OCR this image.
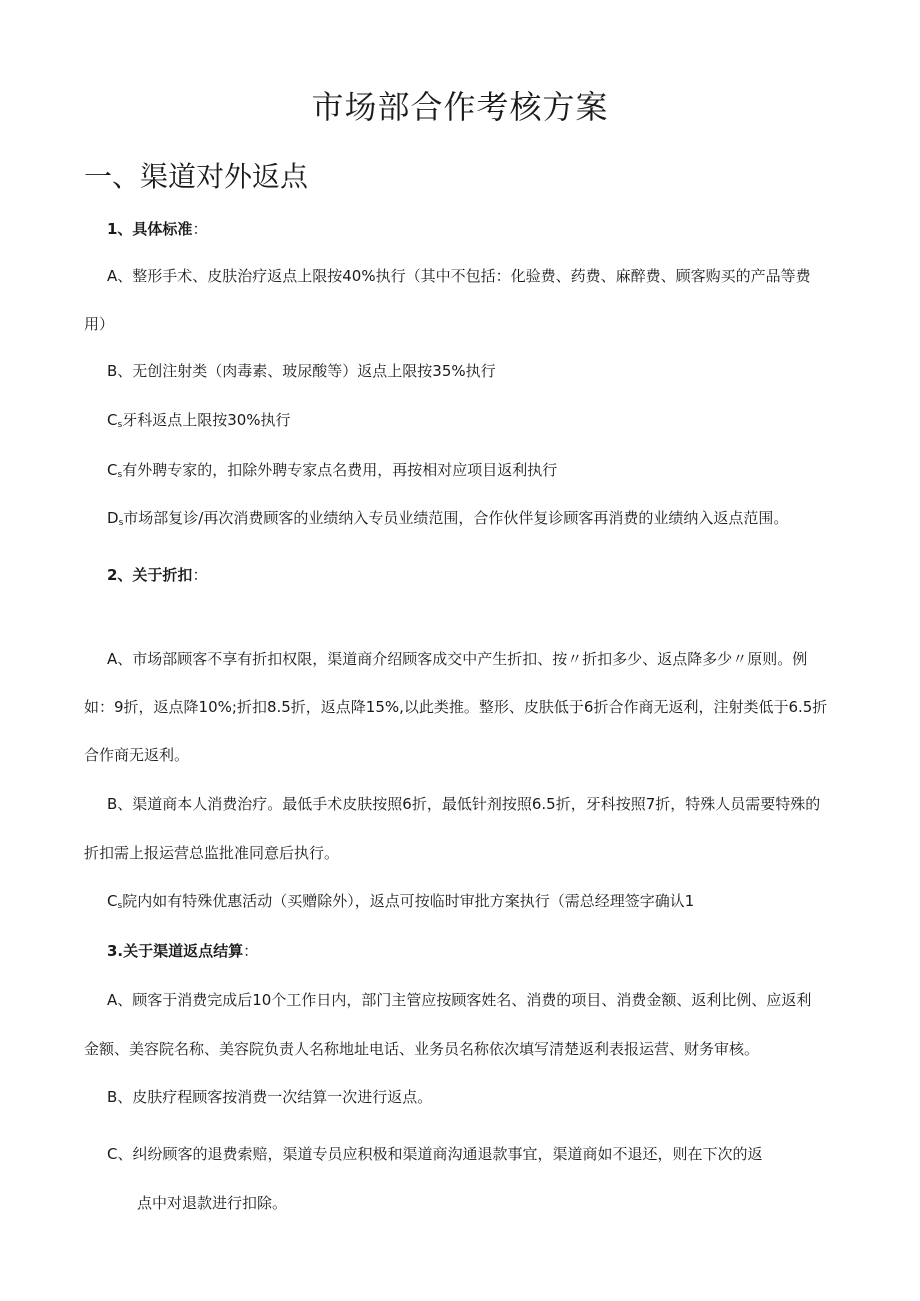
市场部合作考核方案
一、渠道对外返点

1、具体标准：

A、整形手术、皮肤治疗返点上限按40%执行（其中不包括：化验费、药费、麻醉费、顾客购买的产品等费

用）

B、无创注射类（肉毒素、玻尿酸等）返点上限按35%执行

$C_s$牙科返点上限按30%执行

$C_s$有外聘专家的，扣除外聘专家点名费用，再按相对应项目返利执行

$D_s$市场部复诊/再次消费顾客的业绩纳入专员业绩范围，合作伙伴复诊顾客再消费的业绩纳入返点范围。

2、关于折扣：

A、市场部顾客不享有折扣权限，渠道商介绍顾客成交中产生折扣、按〃折扣多少、返点降多少〃原则。例

如：9折，返点降10%;折扣8.5折，返点降15%,以此类推。整形、皮肤低于6折合作商无返利，注射类低于6.5折

合作商无返利。

B、渠道商本人消费治疗。最低手术皮肤按照6折，最低针剂按照6.5折，牙科按照7折，特殊人员需要特殊的

折扣需上报运营总监批准同意后执行。

$C_s$院内如有特殊优惠活动（买赠除外），返点可按临时审批方案执行（需总经理签字确认1

3.关于渠道返点结算：

A、顾客于消费完成后10个工作日内，部门主管应按顾客姓名、消费的项目、消费金额、返利比例、应返利

金额、美容院名称、美容院负责人名称地址电话、业务员名称依次填写清楚返利表报运营、财务审核。

B、皮肤疗程顾客按消费一次结算一次进行返点。

C、纠纷顾客的退费索赔，渠道专员应积极和渠道商沟通退款事宜，渠道商如不退还，则在下次的返

点中对退款进行扣除。
